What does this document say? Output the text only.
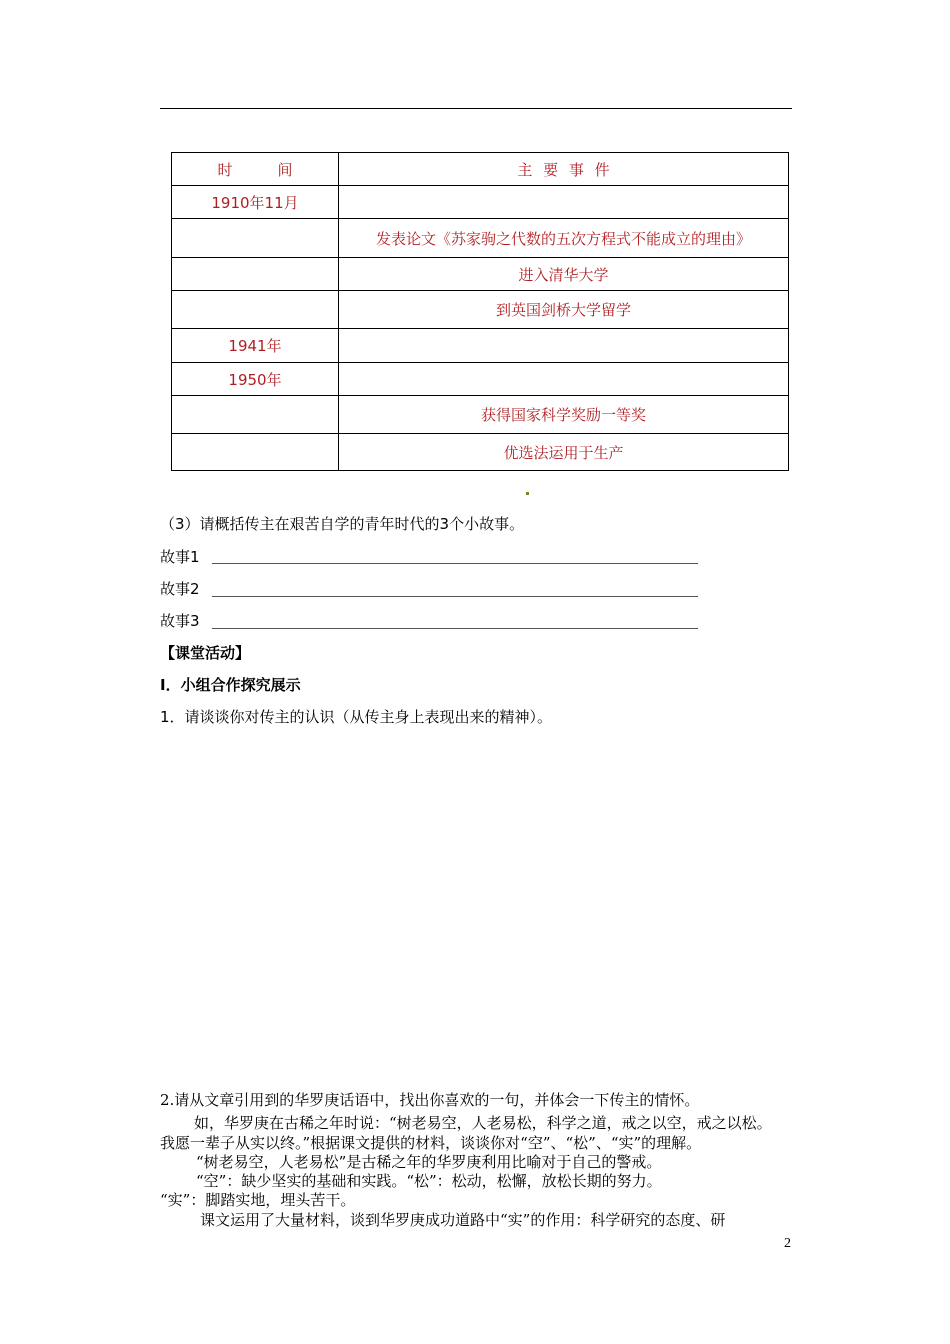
时　　　间	主 要 事 件
1910年11月	
	发表论文《苏家驹之代数的五次方程式不能成立的理由》
	进入清华大学
	到英国剑桥大学留学
1941年	
1950年	
	获得国家科学奖励一等奖
	优选法运用于生产
（3）请概括传主在艰苦自学的青年时代的3个小故事。
故事1
故事2
故事3
【课堂活动】
Ⅰ．小组合作探究展示
1．请谈谈你对传主的认识（从传主身上表现出来的精神）。
2.请从文章引用到的华罗庚话语中，找出你喜欢的一句，并体会一下传主的情怀。
如，华罗庚在古稀之年时说：“树老易空，人老易松，科学之道，戒之以空，戒之以松。
我愿一辈子从实以终。”根据课文提供的材料，谈谈你对“空”、“松”、“实”的理解。
“树老易空，人老易松”是古稀之年的华罗庚利用比喻对于自己的警戒。
“空”：缺少坚实的基础和实践。“松”：松动，松懈，放松长期的努力。
“实”：脚踏实地，埋头苦干。
课文运用了大量材料，谈到华罗庚成功道路中“实”的作用：科学研究的态度、研
2
